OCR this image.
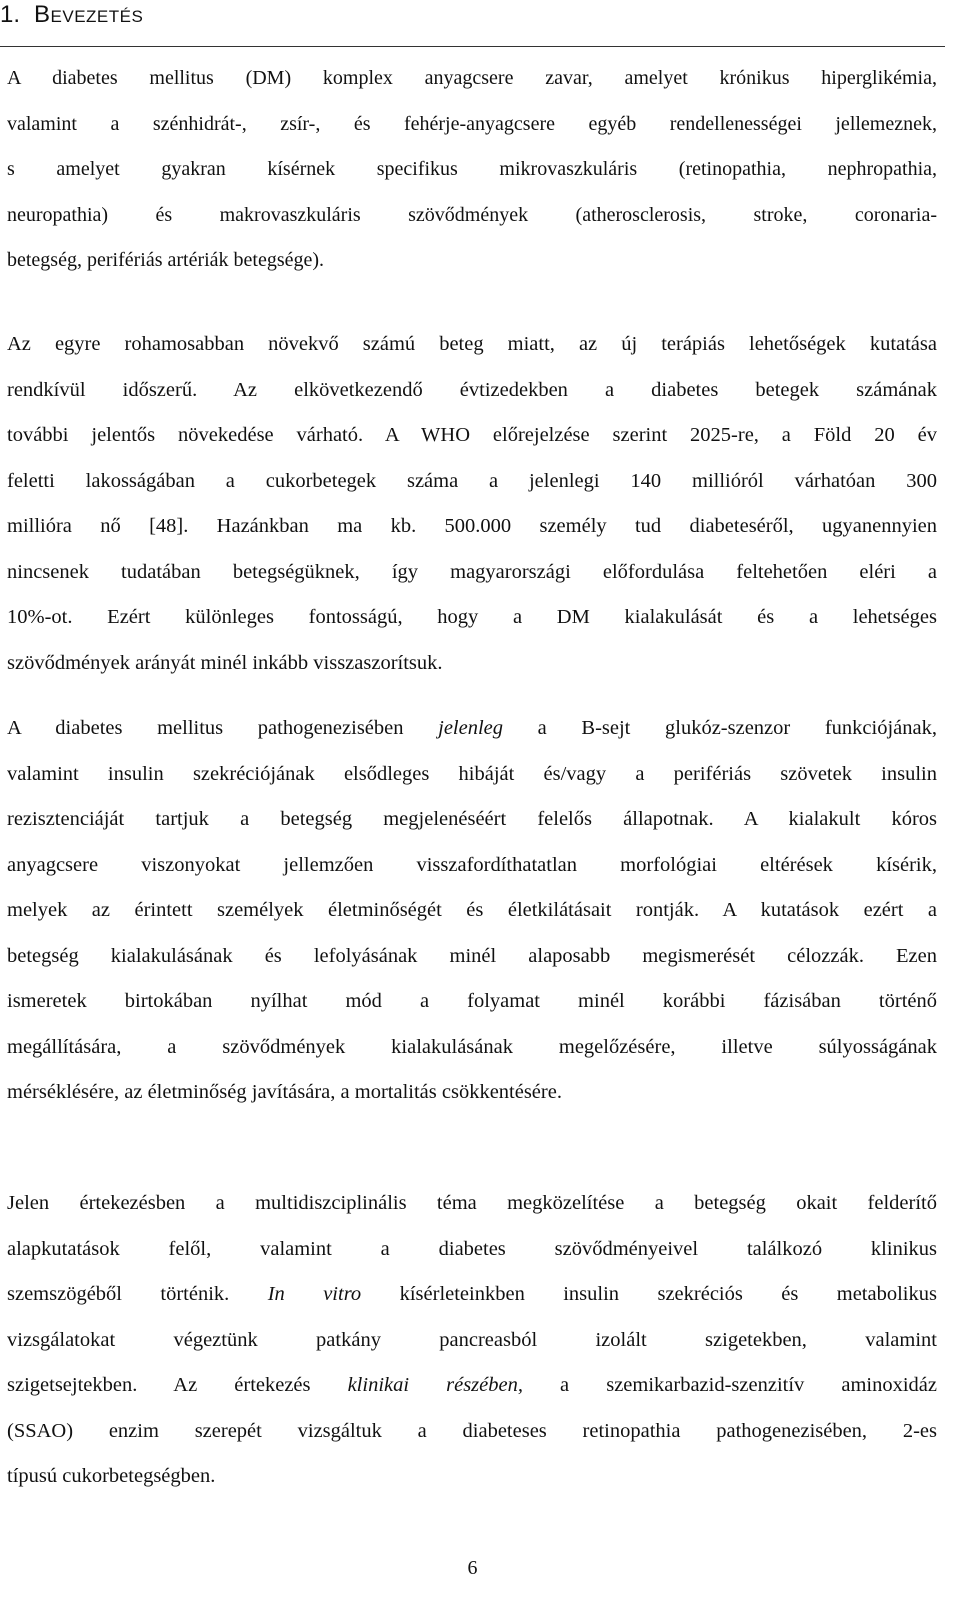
1. Bevezetés

A diabetes mellitus (DM) komplex anyagcsere zavar, amelyet krónikus hiperglikémia,
valamint a szénhidrát-, zsír-, és fehérje-anyagcsere egyéb rendellenességei jellemeznek,
s amelyet gyakran kísérnek specifikus mikrovaszkuláris (retinopathia, nephropathia,
neuropathia) és makrovaszkuláris szövődmények (atherosclerosis, stroke, coronaria-
betegség, perifériás artériák betegsége).

Az egyre rohamosabban növekvő számú beteg miatt, az új terápiás lehetőségek kutatása
rendkívül időszerű. Az elkövetkezendő évtizedekben a diabetes betegek számának
további jelentős növekedése várható. A WHO előrejelzése szerint 2025-re, a Föld 20 év
feletti lakosságában a cukorbetegek száma a jelenlegi 140 millióról várhatóan 300
millióra nő [48]. Hazánkban ma kb. 500.000 személy tud diabeteséről, ugyanennyien
nincsenek tudatában betegségüknek, így magyarországi előfordulása feltehetően eléri a
10%-ot. Ezért különleges fontosságú, hogy a DM kialakulását és a lehetséges
szövődmények arányát minél inkább visszaszorítsuk.

A diabetes mellitus pathogenezisében jelenleg a B-sejt glukóz-szenzor funkciójának,
valamint insulin szekréciójának elsődleges hibáját és/vagy a perifériás szövetek insulin
rezisztenciáját tartjuk a betegség megjelenéséért felelős állapotnak. A kialakult kóros
anyagcsere viszonyokat jellemzően visszafordíthatatlan morfológiai eltérések kísérik,
melyek az érintett személyek életminőségét és életkilátásait rontják. A kutatások ezért a
betegség kialakulásának és lefolyásának minél alaposabb megismerését célozzák. Ezen
ismeretek birtokában nyílhat mód a folyamat minél korábbi fázisában történő
megállítására, a szövődmények kialakulásának megelőzésére, illetve súlyosságának
mérséklésére, az életminőség javítására, a mortalitás csökkentésére.

Jelen értekezésben a multidiszciplinális téma megközelítése a betegség okait felderítő
alapkutatások felől, valamint a diabetes szövődményeivel találkozó klinikus
szemszögéből történik. In vitro kísérleteinkben insulin szekréciós és metabolikus
vizsgálatokat végeztünk patkány pancreasból izolált szigetekben, valamint
szigetsejtekben. Az értekezés klinikai részében, a szemikarbazid-szenzitív aminoxidáz
(SSAO) enzim szerepét vizsgáltuk a diabeteses retinopathia pathogenezisében, 2-es
típusú cukorbetegségben.

6
